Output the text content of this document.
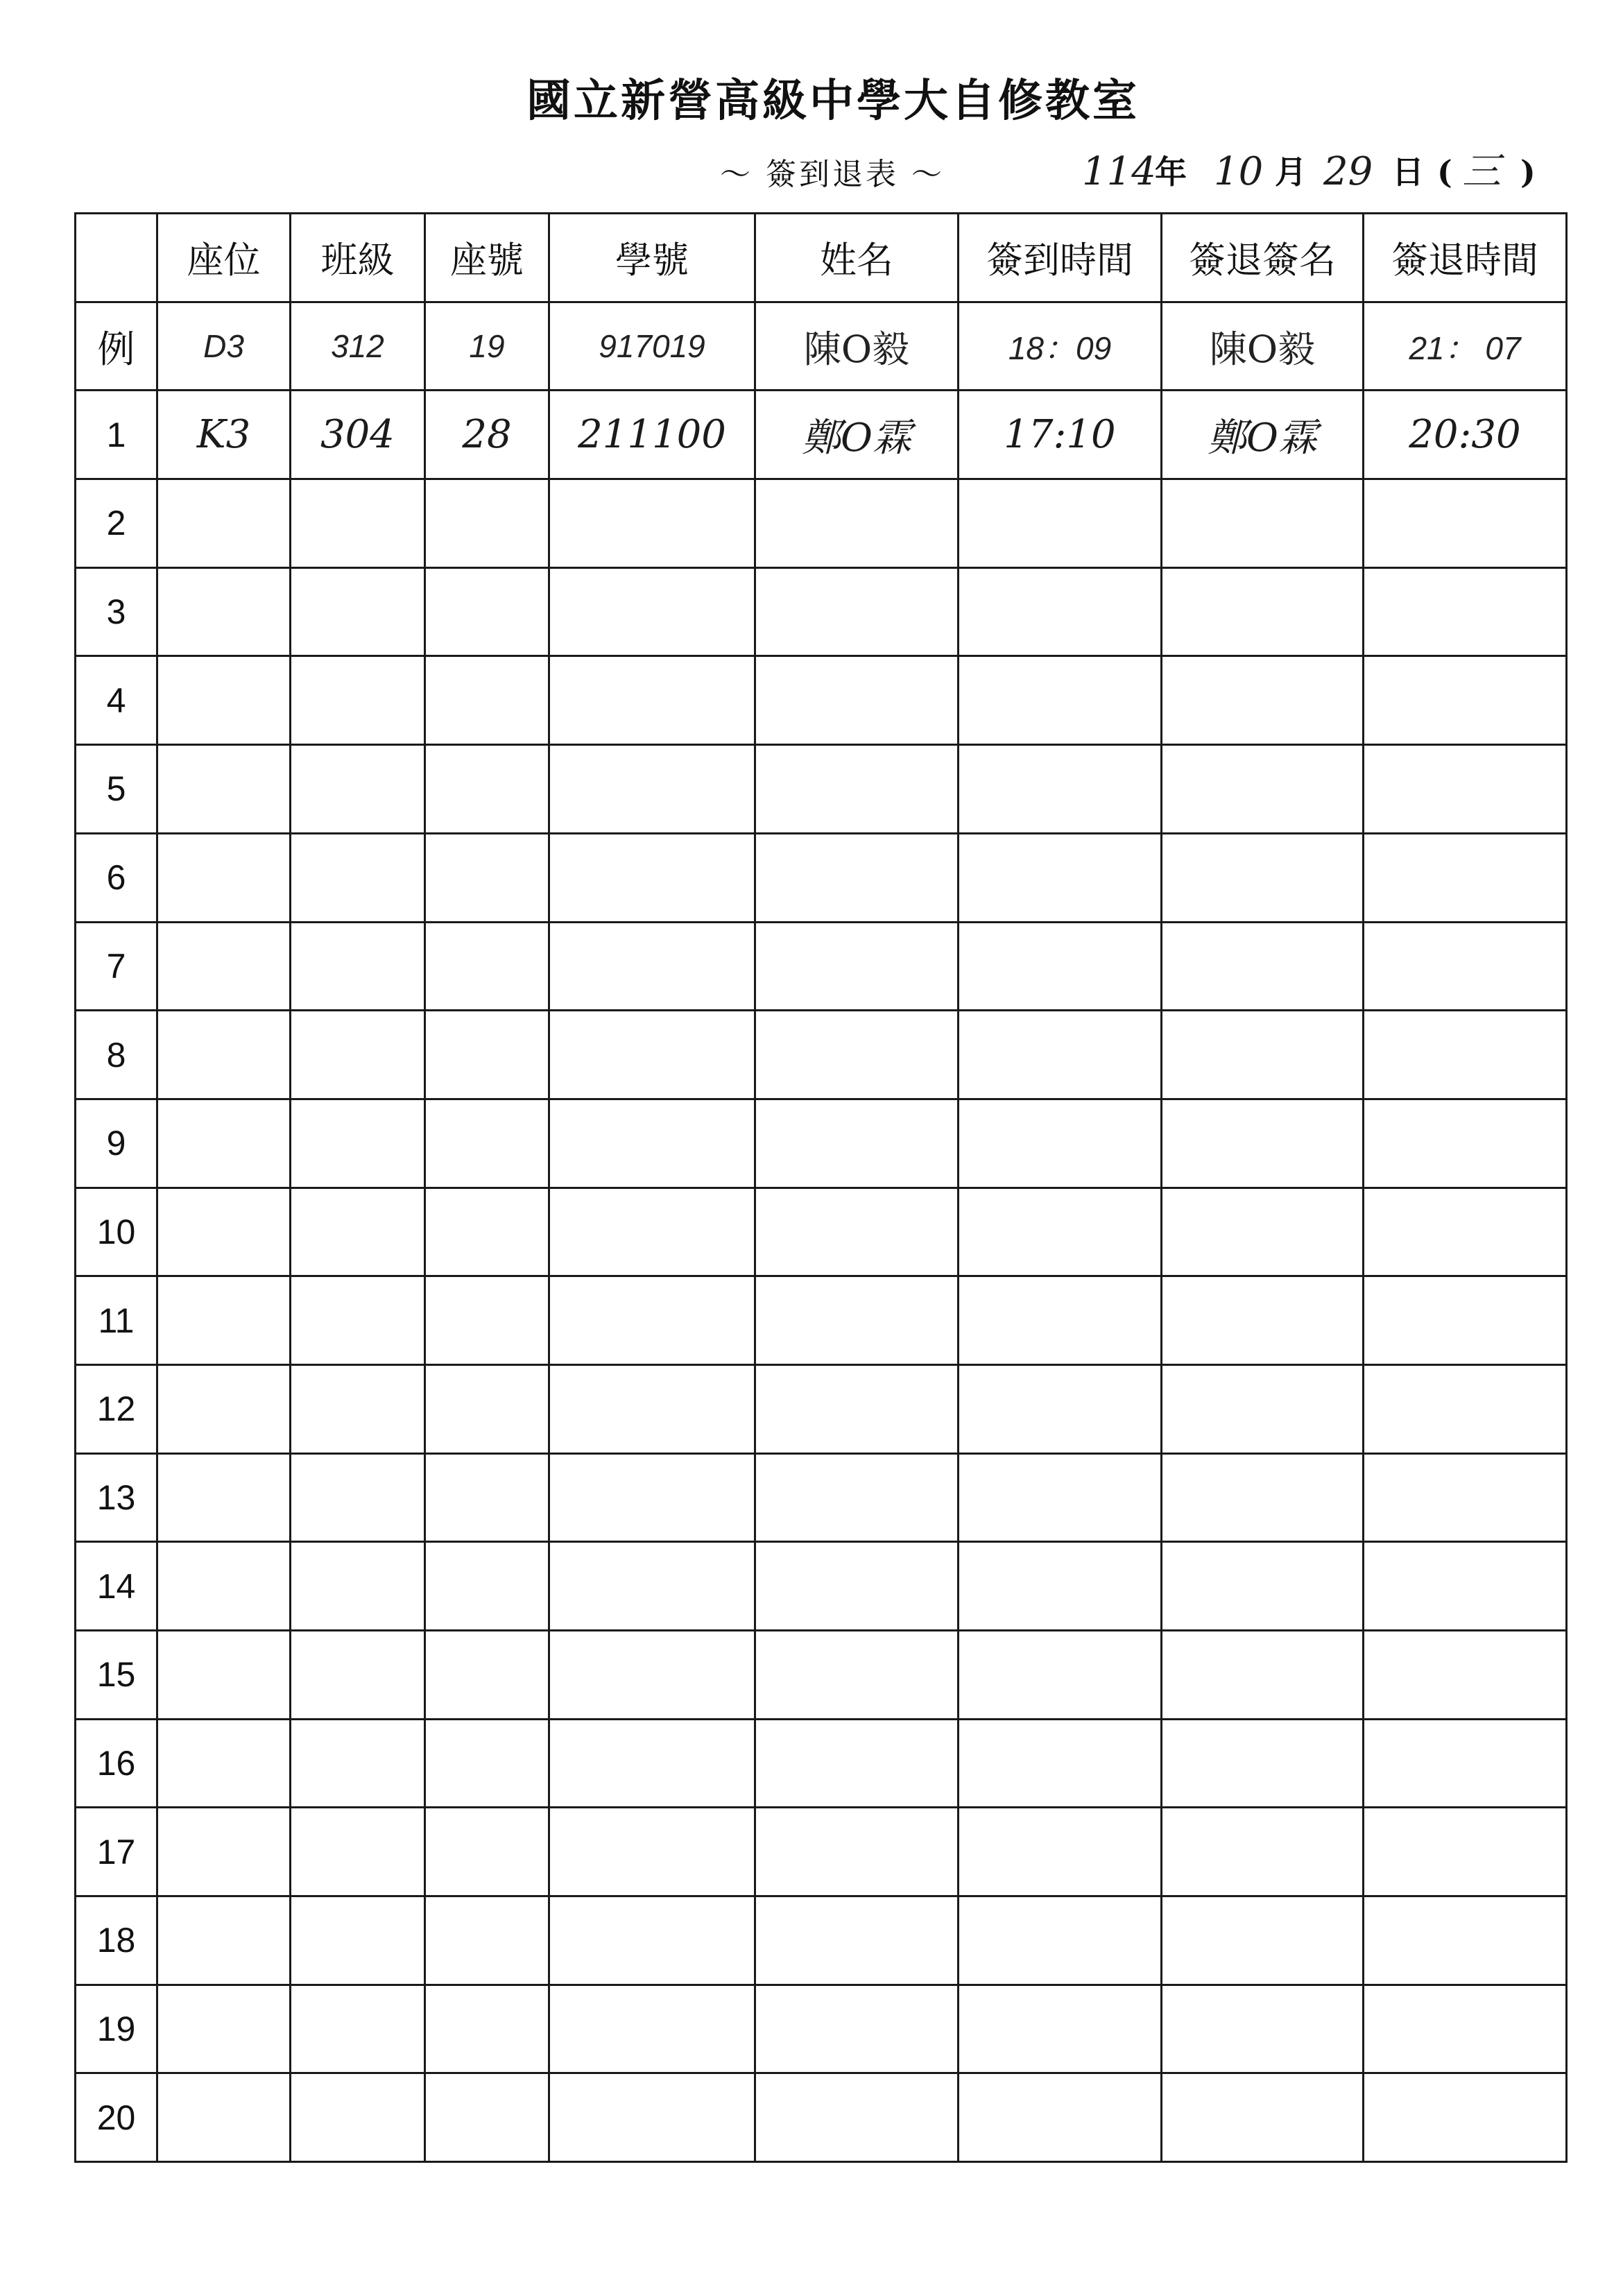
國立新營高級中學大自修教室
～ 簽到退表 ～	114
年 10 月 29 日 ( 三 )
	座位	班級	座號	學號	姓名	簽到時間	簽退簽名	簽退時間
例	D3	312	19	917019	陳O毅	18：09	陳O毅	21： 07
1	K3	304	28	211100	鄭O霖	17:10	鄭O霖	20:30
2								
3								
4								
5								
6								
7								
8								
9								
10								
11								
12								
13								
14								
15								
16								
17								
18								
19								
20								
